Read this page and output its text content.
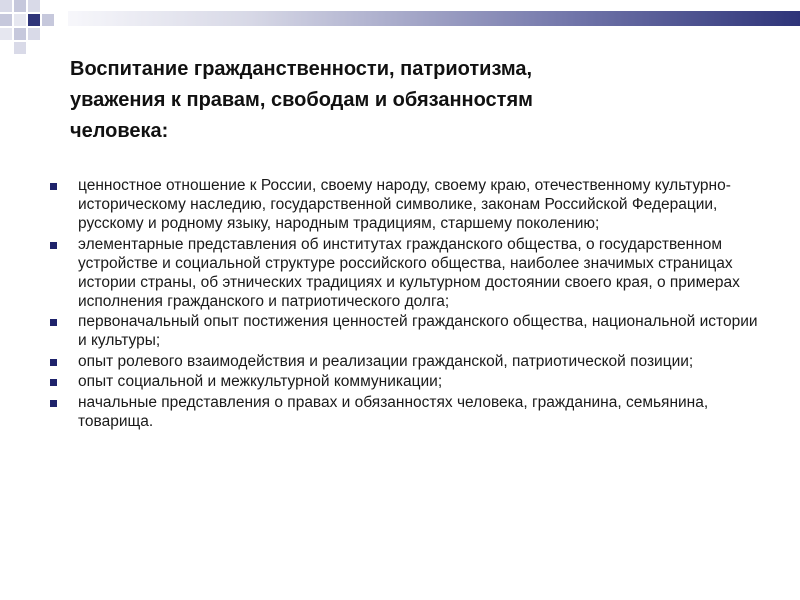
Воспитание гражданственности, патриотизма,
уважения к правам, свободам и обязанностям
человека:
ценностное отношение к России, своему народу, своему краю, отечественному культурно-историческому наследию, государственной символике, законам Российской Федерации, русскому и родному языку, народным традициям, старшему поколению;
элементарные представления об институтах гражданского общества, о государственном устройстве и социальной структуре российского общества, наиболее значимых страницах истории страны, об этнических традициях и культурном достоянии своего края, о примерах исполнения гражданского и патриотического долга;
первоначальный опыт постижения ценностей гражданского общества, национальной истории и культуры;
опыт ролевого взаимодействия и реализации гражданской, патриотической позиции;
опыт социальной и межкультурной коммуникации;
начальные представления о правах и обязанностях человека, гражданина, семьянина, товарища.
